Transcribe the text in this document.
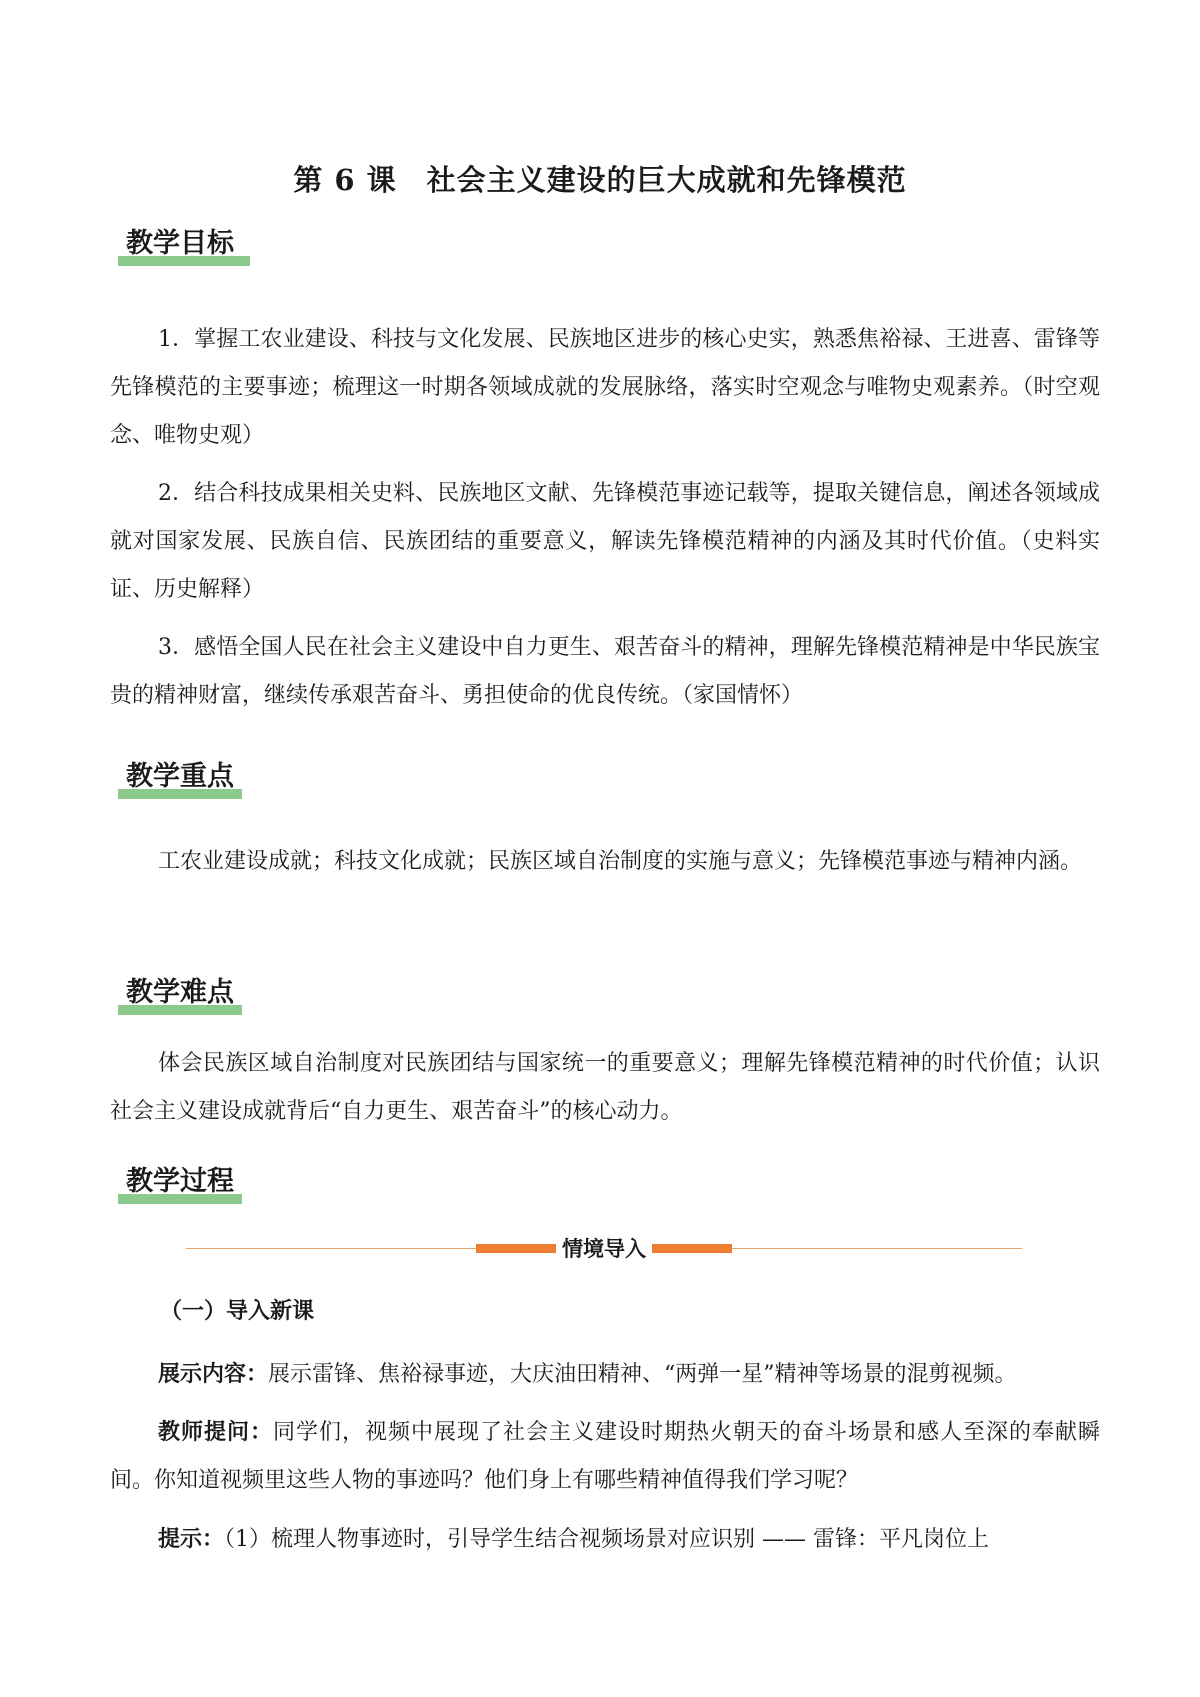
第 6 课　社会主义建设的巨大成就和先锋模范
教学目标

1．掌握工农业建设、科技与文化发展、民族地区进步的核心史实，熟悉焦裕禄、王进喜、雷锋等先锋模范的主要事迹；梳理这一时期各领域成就的发展脉络，落实时空观念与唯物史观素养。（时空观念、唯物史观）

2．结合科技成果相关史料、民族地区文献、先锋模范事迹记载等，提取关键信息，阐述各领域成就对国家发展、民族自信、民族团结的重要意义，解读先锋模范精神的内涵及其时代价值。（史料实证、历史解释）

3．感悟全国人民在社会主义建设中自力更生、艰苦奋斗的精神，理解先锋模范精神是中华民族宝贵的精神财富，继续传承艰苦奋斗、勇担使命的优良传统。（家国情怀）

教学重点

工农业建设成就；科技文化成就；民族区域自治制度的实施与意义；先锋模范事迹与精神内涵。

教学难点

体会民族区域自治制度对民族团结与国家统一的重要意义；理解先锋模范精神的时代价值；认识社会主义建设成就背后“自力更生、艰苦奋斗”的核心动力。

教学过程
情境导入
（一）导入新课

展示内容：展示雷锋、焦裕禄事迹，大庆油田精神、“两弹一星”精神等场景的混剪视频。

教师提问：同学们，视频中展现了社会主义建设时期热火朝天的奋斗场景和感人至深的奉献瞬间。你知道视频里这些人物的事迹吗？他们身上有哪些精神值得我们学习呢？

提示：（1）梳理人物事迹时，引导学生结合视频场景对应识别 —— 雷锋：平凡岗位上
